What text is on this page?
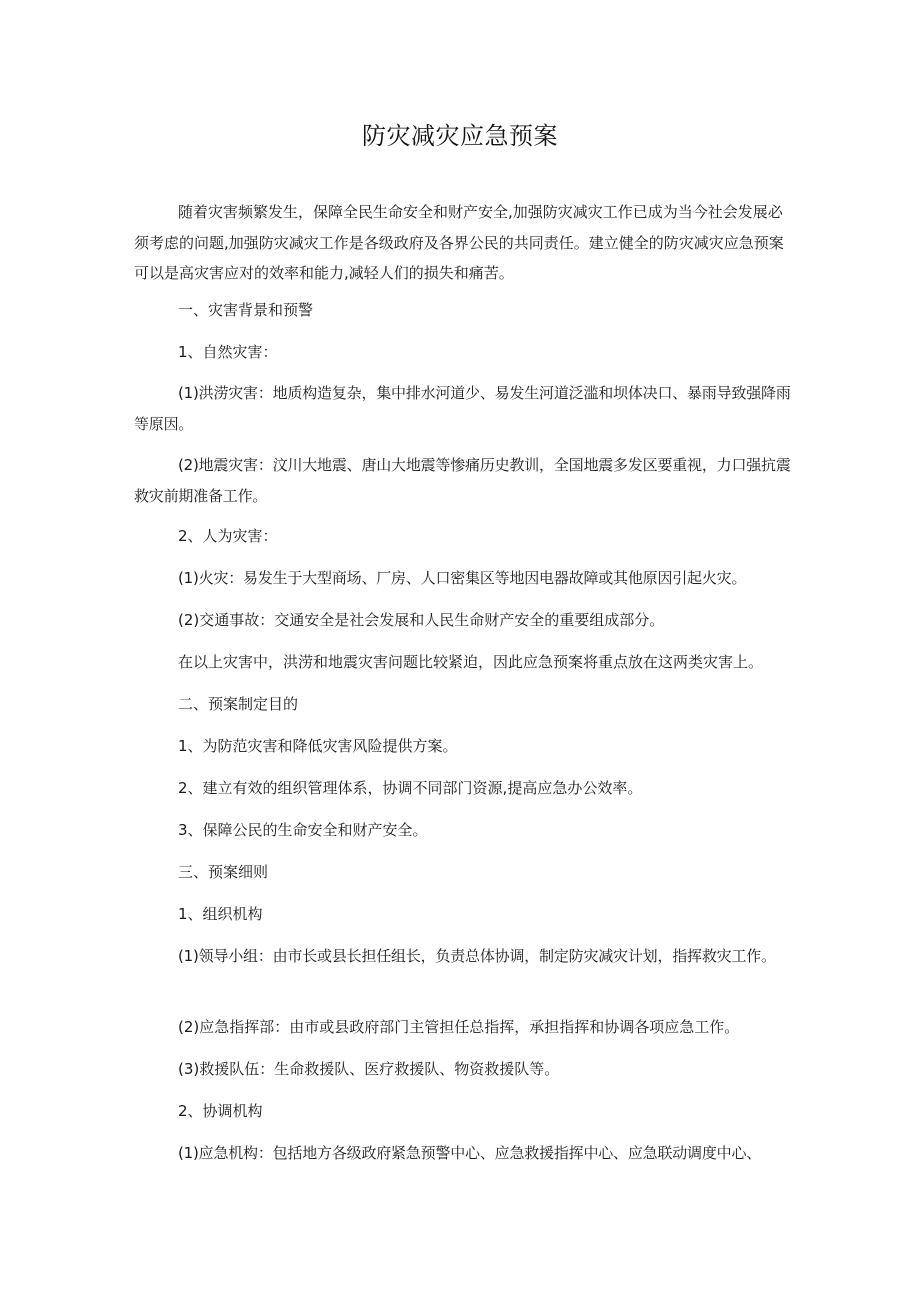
防灾减灾应急预案
随着灾害频繁发生，保障全民生命安全和财产安全,加强防灾减灾工作已成为当今社会发展必须考虑的问题,加强防灾减灾工作是各级政府及各界公民的共同责任。建立健全的防灾减灾应急预案可以是高灾害应对的效率和能力,减轻人们的损失和痛苦。
一、灾害背景和预警
1、自然灾害：
(1)洪涝灾害：地质构造复杂，集中排水河道少、易发生河道泛滥和坝体决口、暴雨导致强降雨等原因。
(2)地震灾害：汶川大地震、唐山大地震等惨痛历史教训，全国地震多发区要重视，力口强抗震救灾前期准备工作。
2、人为灾害：
(1)火灾：易发生于大型商场、厂房、人口密集区等地因电器故障或其他原因引起火灾。
(2)交通事故：交通安全是社会发展和人民生命财产安全的重要组成部分。
在以上灾害中，洪涝和地震灾害问题比较紧迫，因此应急预案将重点放在这两类灾害上。
二、预案制定目的
1、为防范灾害和降低灾害风险提供方案。
2、建立有效的组织管理体系，协调不同部门资源,提高应急办公效率。
3、保障公民的生命安全和财产安全。
三、预案细则
1、组织机构
(1)领导小组：由市长或县长担任组长，负责总体协调，制定防灾减灾计划，指挥救灾工作。
(2)应急指挥部：由市或县政府部门主管担任总指挥，承担指挥和协调各项应急工作。
(3)救援队伍：生命救援队、医疗救援队、物资救援队等。
2、协调机构
(1)应急机构：包括地方各级政府紧急预警中心、应急救援指挥中心、应急联动调度中心、
